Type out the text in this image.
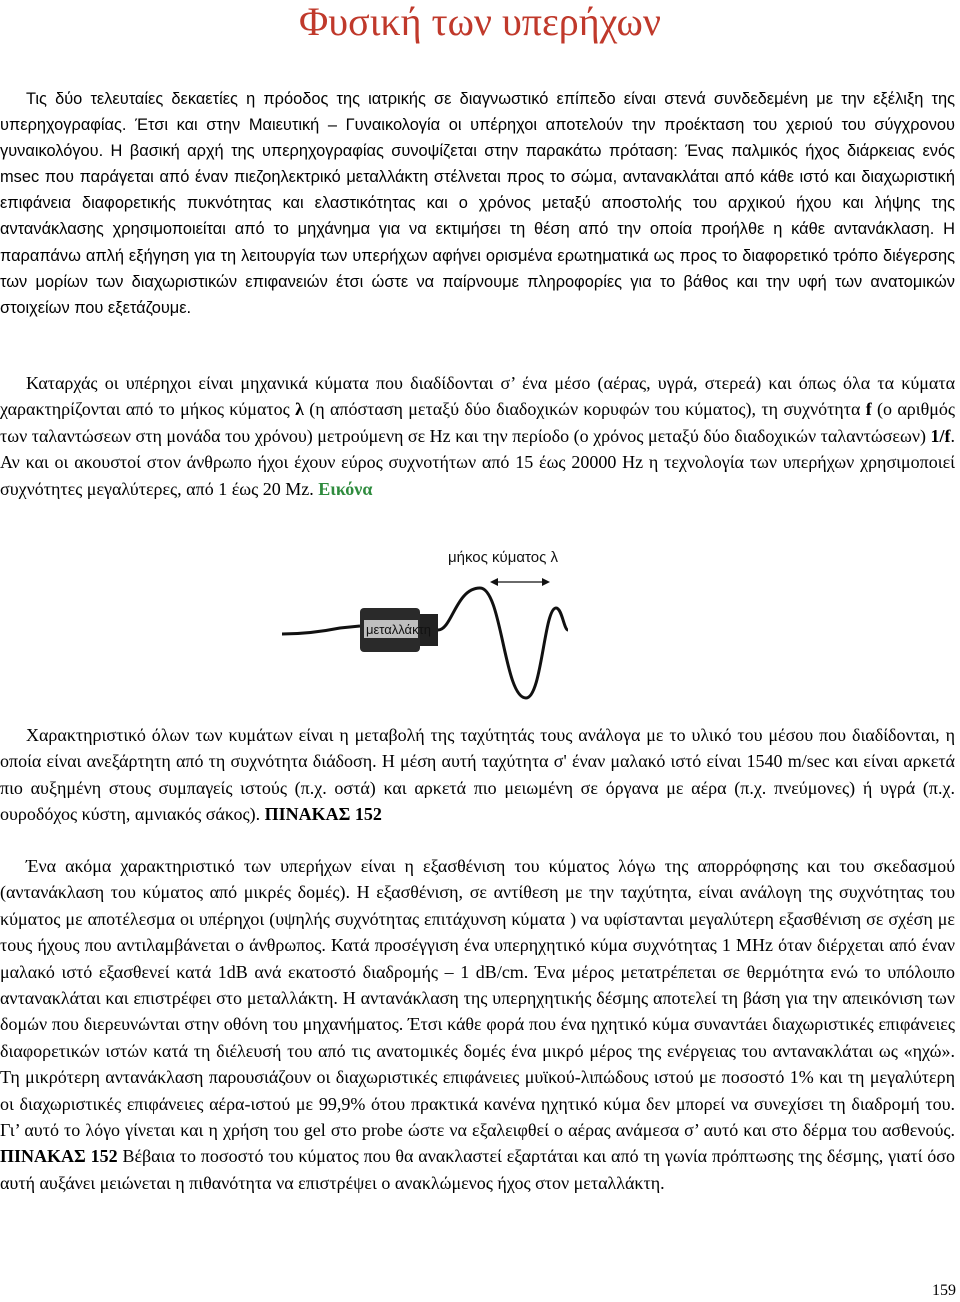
Φυσική των υπερήχων

Τις δύο τελευταίες δεκαετίες η πρόοδος της ιατρικής σε διαγνωστικό επίπεδο είναι στενά συνδεδεμένη με την εξέλιξη της υπερηχογραφίας. Έτσι και στην Μαιευτική – Γυναικολογία οι υπέρηχοι αποτελούν την προέκταση του χεριού του σύγχρονου γυναικολόγου. Η βασική αρχή της υπερηχογραφίας συνοψίζεται στην παρακάτω πρόταση: Ένας παλμικός ήχος διάρκειας ενός msec που παράγεται από έναν πιεζοηλεκτρικό μεταλλάκτη στέλνεται προς το σώμα, αντανακλάται από κάθε ιστό και διαχωριστική επιφάνεια διαφορετικής πυκνότητας και ελαστικότητας και ο χρόνος μεταξύ αποστολής του αρχικού ήχου και λήψης της αντανάκλασης χρησιμοποιείται από το μηχάνημα για να εκτιμήσει τη θέση από την οποία προήλθε η κάθε αντανάκλαση. Η παραπάνω απλή εξήγηση για τη λειτουργία των υπερήχων αφήνει ορισμένα ερωτηματικά ως προς το διαφορετικό τρόπο διέγερσης των μορίων των διαχωριστικών επιφανειών έτσι ώστε να παίρνουμε πληροφορίες για το βάθος και την υφή των ανατομικών στοιχείων που εξετάζουμε.

Καταρχάς οι υπέρηχοι είναι μηχανικά κύματα που διαδίδονται σ’ ένα μέσο (αέρας, υγρά, στερεά) και όπως όλα τα κύματα χαρακτηρίζονται από το μήκος κύματος λ (η απόσταση μεταξύ δύο διαδοχικών κορυφών του κύματος), τη συχνότητα f (ο αριθμός των ταλαντώσεων στη μονάδα του χρόνου) μετρούμενη σε Hz και την περίοδο (ο χρόνος μεταξύ δύο διαδοχικών ταλαντώσεων) 1/f. Αν και οι ακουστοί στον άνθρωπο ήχοι έχουν εύρος συχνοτήτων από 15 έως 20000 Hz η τεχνολογία των υπερήχων χρησιμοποιεί συχνότητες μεγαλύτερες, από 1 έως 20 Mz. Εικόνα

μήκος κύματος λ
μεταλλάκτη

Χαρακτηριστικό όλων των κυμάτων είναι η μεταβολή της ταχύτητάς τους ανάλογα με το υλικό του μέσου που διαδίδονται, η οποία είναι ανεξάρτητη από τη συχνότητα διάδοση. Η μέση αυτή ταχύτητα σ' έναν μαλακό ιστό είναι 1540 m/sec και είναι αρκετά πιο αυξημένη στους συμπαγείς ιστούς (π.χ. οστά) και αρκετά πιο μειωμένη σε όργανα με αέρα (π.χ. πνεύμονες) ή υγρά (π.χ. ουροδόχος κύστη, αμνιακός σάκος). ΠΙΝΑΚΑΣ 152

Ένα ακόμα χαρακτηριστικό των υπερήχων είναι η εξασθένιση του κύματος λόγω της απορρόφησης και του σκεδασμού (αντανάκλαση του κύματος από μικρές δομές). Η εξασθένιση, σε αντίθεση με την ταχύτητα, είναι ανάλογη της συχνότητας του κύματος με αποτέλεσμα οι υπέρηχοι (υψηλής συχνότητας επιτάχυνση κύματα ) να υφίστανται μεγαλύτερη εξασθένιση σε σχέση με τους ήχους που αντιλαμβάνεται ο άνθρωπος. Κατά προσέγγιση ένα υπερηχητικό κύμα συχνότητας 1 MHz όταν διέρχεται από έναν μαλακό ιστό εξασθενεί κατά 1dB ανά εκατοστό διαδρομής – 1 dB/cm. Ένα μέρος μετατρέπεται σε θερμότητα ενώ το υπόλοιπο αντανακλάται και επιστρέφει στο μεταλλάκτη. Η αντανάκλαση της υπερηχητικής δέσμης αποτελεί τη βάση για την απεικόνιση των δομών που διερευνώνται στην οθόνη του μηχανήματος. Έτσι κάθε φορά που ένα ηχητικό κύμα συναντάει διαχωριστικές επιφάνειες διαφορετικών ιστών κατά τη διέλευσή του από τις ανατομικές δομές ένα μικρό μέρος της ενέργειας του αντανακλάται ως «ηχώ». Τη μικρότερη αντανάκλαση παρουσιάζουν οι διαχωριστικές επιφάνειες μυϊκού-λιπώδους ιστού με ποσοστό 1% και τη μεγαλύτερη οι διαχωριστικές επιφάνειες αέρα-ιστού με 99,9% ότου πρακτικά κανένα ηχητικό κύμα δεν μπορεί να συνεχίσει τη διαδρομή του. Γι’ αυτό το λόγο γίνεται και η χρήση του gel στο probe ώστε να εξαλειφθεί ο αέρας ανάμεσα σ’ αυτό και στο δέρμα του ασθενούς. ΠΙΝΑΚΑΣ 152 Βέβαια το ποσοστό του κύματος που θα ανακλαστεί εξαρτάται και από τη γωνία πρόπτωσης της δέσμης, γιατί όσο αυτή αυξάνει μειώνεται η πιθανότητα να επιστρέψει ο ανακλώμενος ήχος στον μεταλλάκτη.

159
